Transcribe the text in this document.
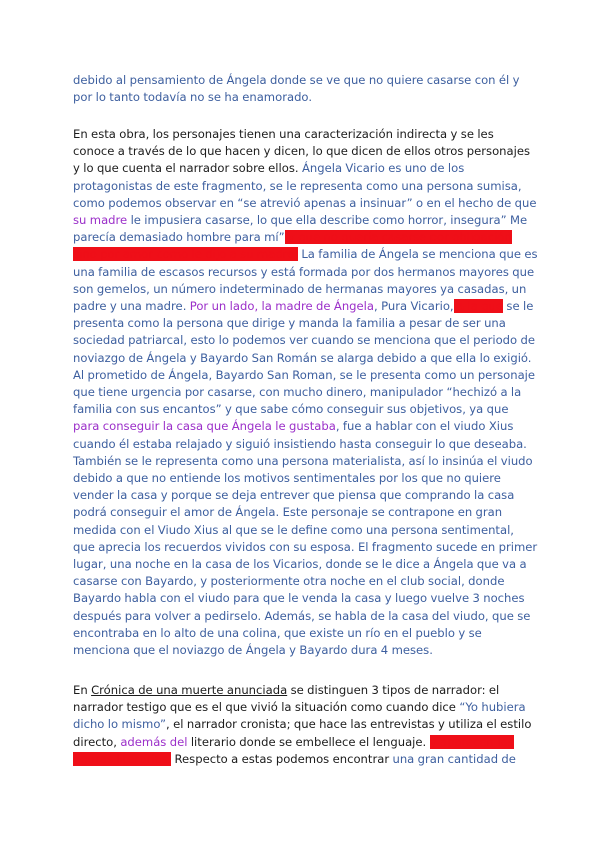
debido al pensamiento de Ángela donde se ve que no quiere casarse con él y por lo tanto todavía no se ha enamorado.
En esta obra, los personajes tienen una caracterización indirecta y se les conoce a través de lo que hacen y dicen, lo que dicen de ellos otros personajes y lo que cuenta el narrador sobre ellos. Ángela Vicario es uno de los protagonistas de este fragmento, se le representa como una persona sumisa, como podemos observar en “se atrevió apenas a insinuar” o en el hecho de que su madre le impusiera casarse, lo que ella describe como horror, insegura” Me parecía demasiado hombre para mí” y que no quería casarse por obligación sino por amor como le dijo a su madre. La familia de Ángela se menciona que es una familia de escasos recursos y está formada por dos hermanos mayores que son gemelos, un número indeterminado de hermanas mayores ya casadas, un padre y una madre. Por un lado, la madre de Ángela, Pura Vicario, a la que se le presenta como la persona que dirige y manda la familia a pesar de ser una sociedad patriarcal, esto lo podemos ver cuando se menciona que el periodo de noviazgo de Ángela y Bayardo San Román se alarga debido a que ella lo exigió. Al prometido de Ángela, Bayardo San Roman, se le presenta como un personaje que tiene urgencia por casarse, con mucho dinero, manipulador “hechizó a la familia con sus encantos” y que sabe cómo conseguir sus objetivos, ya que para conseguir la casa que Ángela le gustaba, fue a hablar con el viudo Xius cuando él estaba relajado y siguió insistiendo hasta conseguir lo que deseaba. También se le representa como una persona materialista, así lo insinúa el viudo debido a que no entiende los motivos sentimentales por los que no quiere vender la casa y porque se deja entrever que piensa que comprando la casa podrá conseguir el amor de Ángela. Este personaje se contrapone en gran medida con el Viudo Xius al que se le define como una persona sentimental, que aprecia los recuerdos vividos con su esposa. El fragmento sucede en primer lugar, una noche en la casa de los Vicarios, donde se le dice a Ángela que va a casarse con Bayardo, y posteriormente otra noche en el club social, donde Bayardo habla con el viudo para que le venda la casa y luego vuelve 3 noches después para volver a pedirselo. Además, se habla de la casa del viudo, que se encontraba en lo alto de una colina, que existe un río en el pueblo y se menciona que el noviazgo de Ángela y Bayardo dura 4 meses.
En Crónica de una muerte anunciada se distinguen 3 tipos de narrador: el narrador testigo que es el que vivió la situación como cuando dice “Yo hubiera dicho lo mismo”, el narrador cronista; que hace las entrevistas y utiliza el estilo directo, además del literario donde se embellece el lenguaje. y aparecen las figuras literarias. Respecto a estas podemos encontrar una gran cantidad de
